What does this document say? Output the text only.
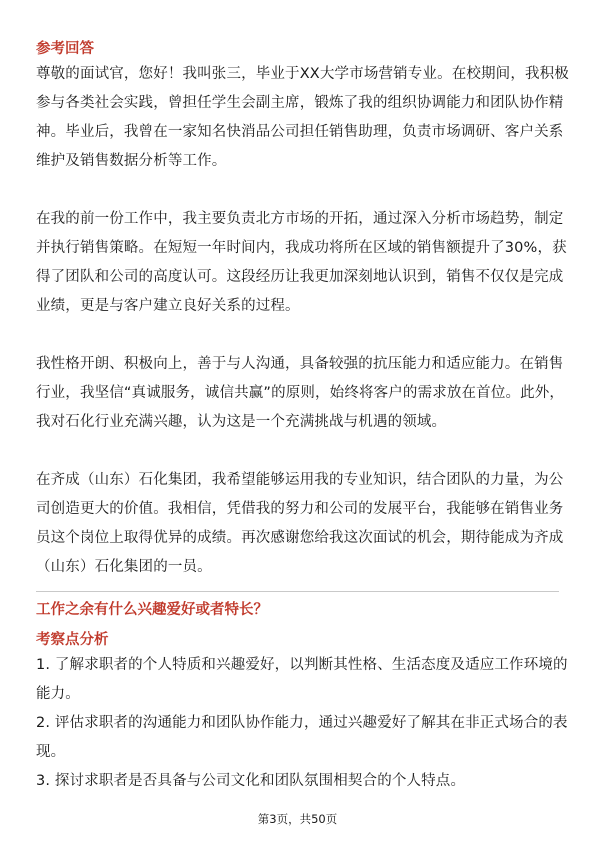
参考回答
尊敬的面试官，您好！我叫张三，毕业于XX大学市场营销专业。在校期间，我积极
参与各类社会实践，曾担任学生会副主席，锻炼了我的组织协调能力和团队协作精
神。毕业后，我曾在一家知名快消品公司担任销售助理，负责市场调研、客户关系
维护及销售数据分析等工作。
在我的前一份工作中，我主要负责北方市场的开拓，通过深入分析市场趋势，制定
并执行销售策略。在短短一年时间内，我成功将所在区域的销售额提升了30%，获
得了团队和公司的高度认可。这段经历让我更加深刻地认识到，销售不仅仅是完成
业绩，更是与客户建立良好关系的过程。
我性格开朗、积极向上，善于与人沟通，具备较强的抗压能力和适应能力。在销售
行业，我坚信“真诚服务，诚信共赢”的原则，始终将客户的需求放在首位。此外，
我对石化行业充满兴趣，认为这是一个充满挑战与机遇的领域。
在齐成（山东）石化集团，我希望能够运用我的专业知识，结合团队的力量，为公
司创造更大的价值。我相信，凭借我的努力和公司的发展平台，我能够在销售业务
员这个岗位上取得优异的成绩。再次感谢您给我这次面试的机会，期待能成为齐成
（山东）石化集团的一员。
工作之余有什么兴趣爱好或者特长？
考察点分析
1. 了解求职者的个人特质和兴趣爱好，以判断其性格、生活态度及适应工作环境的
能力。
2. 评估求职者的沟通能力和团队协作能力，通过兴趣爱好了解其在非正式场合的表
现。
3. 探讨求职者是否具备与公司文化和团队氛围相契合的个人特点。
第3页，共50页
